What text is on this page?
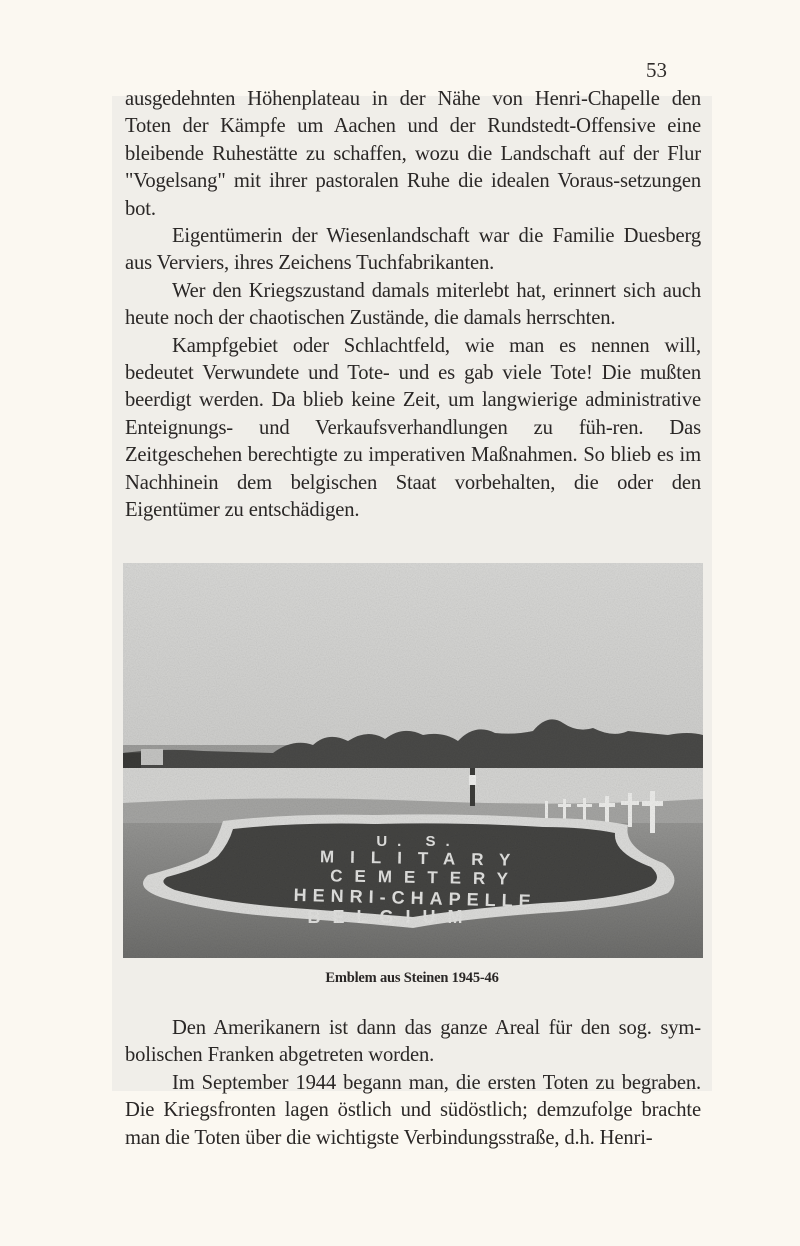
53

ausgedehnten Höhenplateau in der Nähe von Henri-Chapelle den Toten der Kämpfe um Aachen und der Rundstedt-Offensive eine bleibende Ruhestätte zu schaffen, wozu die Landschaft auf der Flur "Vogelsang" mit ihrer pastoralen Ruhe die idealen Voraus-setzungen bot.

Eigentümerin der Wiesenlandschaft war die Familie Duesberg aus Verviers, ihres Zeichens Tuchfabrikanten.

Wer den Kriegszustand damals miterlebt hat, erinnert sich auch heute noch der chaotischen Zustände, die damals herrschten.

Kampfgebiet oder Schlachtfeld, wie man es nennen will, bedeutet Verwundete und Tote- und es gab viele Tote! Die mußten beerdigt werden. Da blieb keine Zeit, um langwierige administrative Enteignungs- und Verkaufsverhandlungen zu füh-ren. Das Zeitgeschehen berechtigte zu imperativen Maßnahmen. So blieb es im Nachhinein dem belgischen Staat vorbehalten, die oder den Eigentümer zu entschädigen.

U. S.
MILITARY
CEMETERY
HENRI-CHAPELLE
BELGIUM
Emblem aus Steinen 1945-46

Den Amerikanern ist dann das ganze Areal für den sog. sym-bolischen Franken abgetreten worden.

Im September 1944 begann man, die ersten Toten zu begraben. Die Kriegsfronten lagen östlich und südöstlich; demzufolge brachte man die Toten über die wichtigste Verbindungsstraße, d.h. Henri-
